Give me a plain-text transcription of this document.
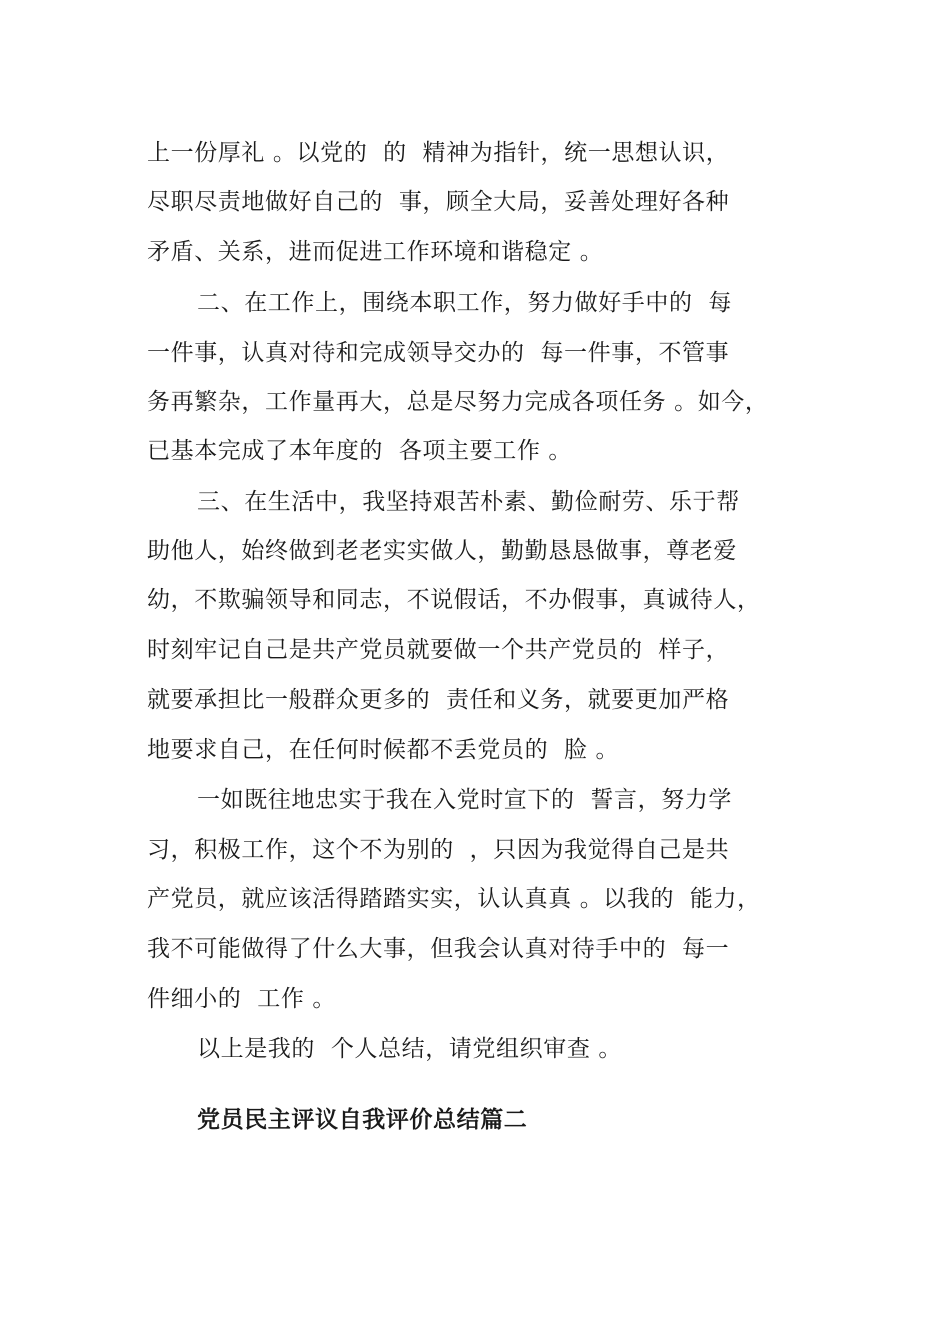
上一份厚礼 。以党的  的  精神为指针，统一思想认识，
尽职尽责地做好自己的  事，顾全大局，妥善处理好各种
矛盾、关系，进而促进工作环境和谐稳定 。
二、在工作上，围绕本职工作，努力做好手中的  每
一件事，认真对待和完成领导交办的  每一件事，不管事
务再繁杂，工作量再大，总是尽努力完成各项任务 。如今，
已基本完成了本年度的  各项主要工作 。
三、在生活中，我坚持艰苦朴素、勤俭耐劳、乐于帮
助他人，始终做到老老实实做人，勤勤恳恳做事，尊老爱
幼，不欺骗领导和同志，不说假话，不办假事，真诚待人，
时刻牢记自己是共产党员就要做一个共产党员的  样子，
就要承担比一般群众更多的  责任和义务，就要更加严格
地要求自己，在任何时候都不丢党员的  脸 。
一如既往地忠实于我在入党时宣下的  誓言，努力学
习，积极工作，这个不为别的  ，只因为我觉得自己是共
产党员，就应该活得踏踏实实，认认真真 。以我的  能力，
我不可能做得了什么大事，但我会认真对待手中的  每一
件细小的  工作 。
以上是我的  个人总结，请党组织审查 。
党员民主评议自我评价总结篇二
